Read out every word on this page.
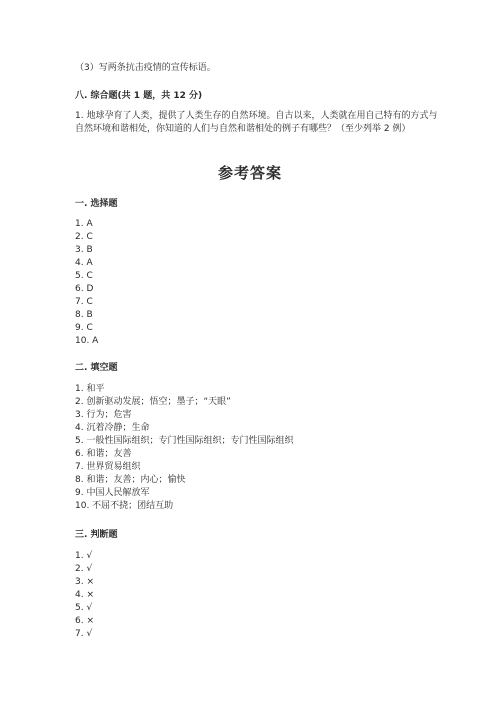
（3）写两条抗击疫情的宣传标语。
八. 综合题(共 1 题，共 12 分)
1. 地球孕育了人类，提供了人类生存的自然环境。自古以来，人类就在用自己特有的方式与自然环境和谐相处，你知道的人们与自然和谐相处的例子有哪些？（至少列举 2 例）
参考答案
一. 选择题
1. A
2. C
3. B
4. A
5. C
6. D
7. C
8. B
9. C
10. A
二. 填空题
1. 和平
2. 创新驱动发展；悟空；墨子；“天眼”
3. 行为；危害
4. 沉着冷静；生命
5. 一般性国际组织；专门性国际组织；专门性国际组织
6. 和谐；友善
7. 世界贸易组织
8. 和谐；友善；内心；愉快
9. 中国人民解放军
10. 不屈不挠；团结互助
三. 判断题
1. √
2. √
3. ×
4. ×
5. √
6. ×
7. √
